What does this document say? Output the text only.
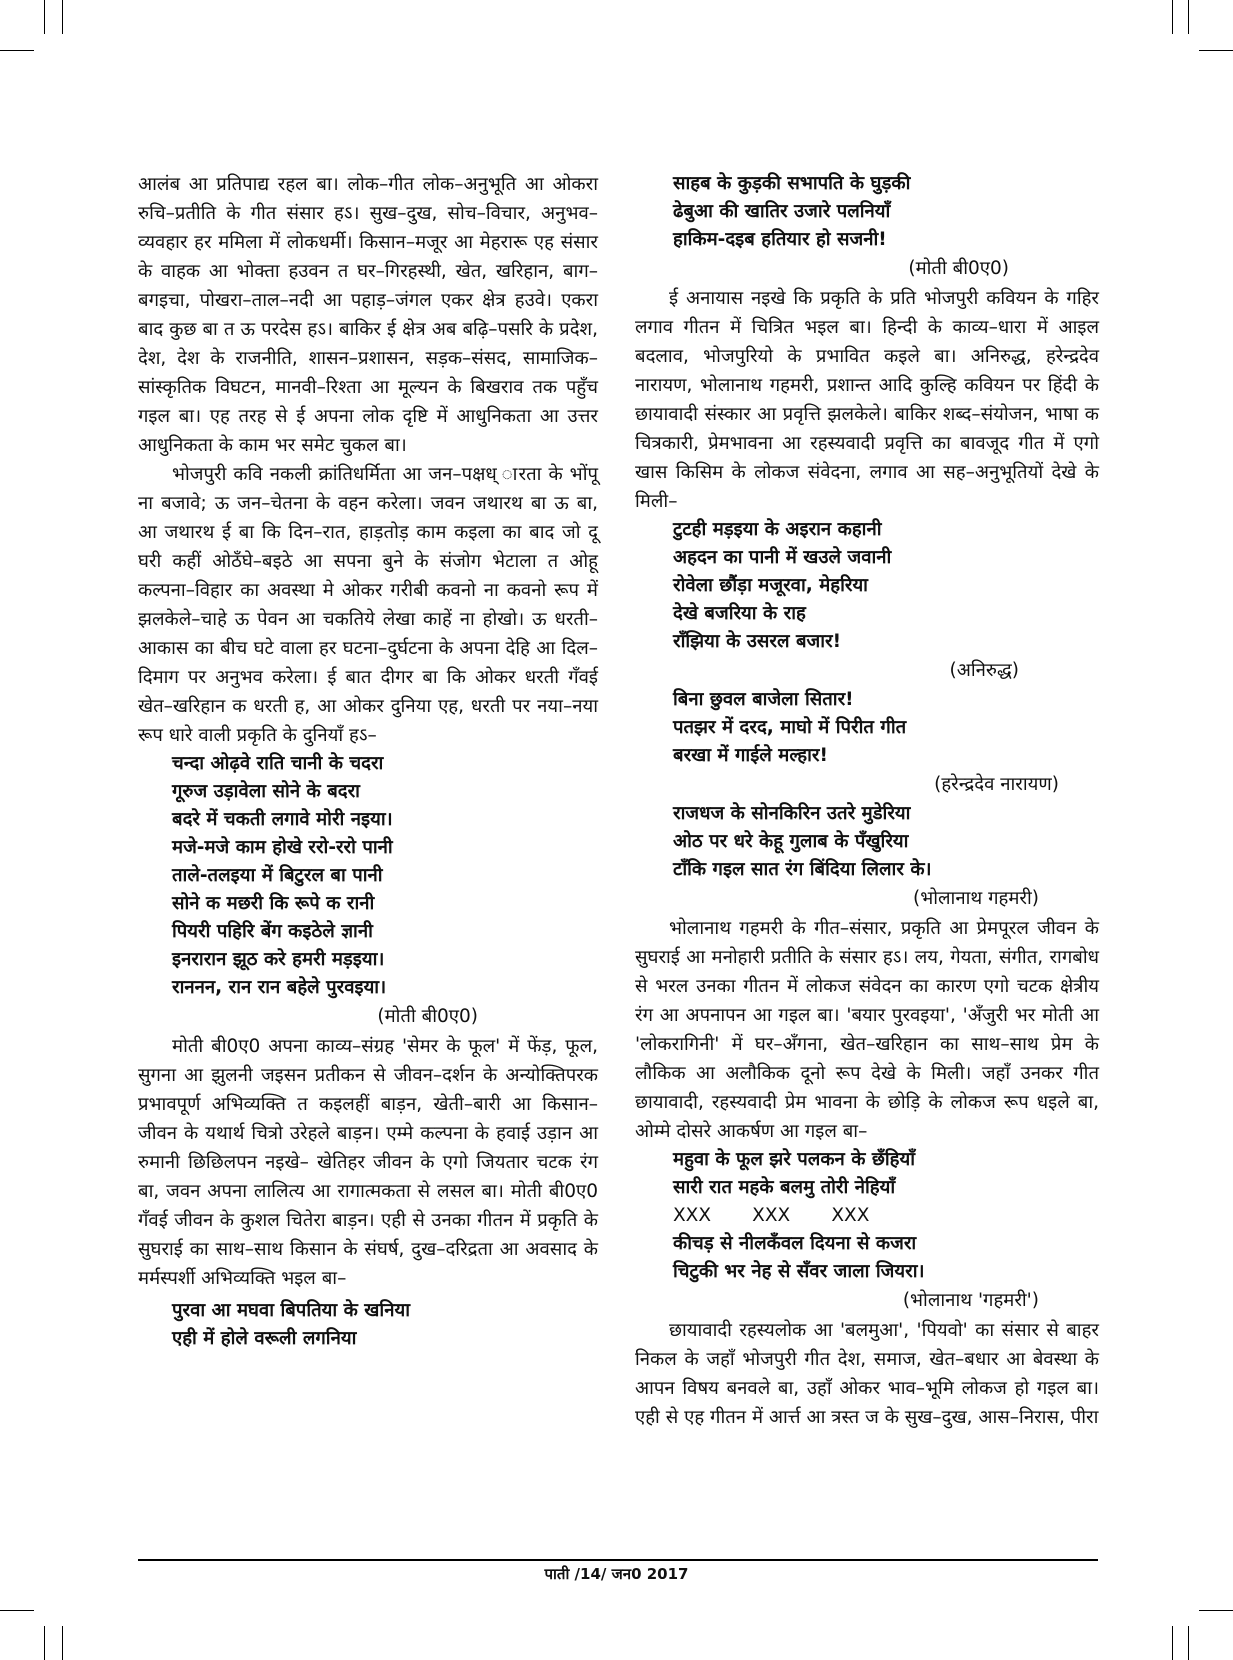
आलंब आ प्रतिपाद्य रहल बा। लोक–गीत लोक–अनुभूति आ ओकरा रुचि–प्रतीति के गीत संसार हऽ। सुख–दुख, सोच–विचार, अनुभव–व्यवहार हर ममिला में लोकधर्मी। किसान–मजूर आ मेहरारू एह संसार के वाहक आ भोक्ता हउवन त घर–गिरहस्थी, खेत, खरिहान, बाग–बगइचा, पोखरा–ताल–नदी आ पहाड़–जंगल एकर क्षेत्र हउवे। एकरा बाद कुछ बा त ऊ परदेस हऽ। बाकिर ई क्षेत्र अब बढ़ि–पसरि के प्रदेश, देश, देश के राजनीति, शासन–प्रशासन, सड़क–संसद, सामाजिक–सांस्कृतिक विघटन, मानवी–रिश्ता आ मूल्यन के बिखराव तक पहुँच गइल बा। एह तरह से ई अपना लोक दृष्टि में आधुनिकता आ उत्तर आधुनिकता के काम भर समेट चुकल बा।

भोजपुरी कवि नकली क्रांतिधर्मिता आ जन–पक्षध् ारता के भोंपू ना बजावे; ऊ जन–चेतना के वहन करेला। जवन जथारथ बा ऊ बा, आ जथारथ ई बा कि दिन–रात, हाड़तोड़ काम कइला का बाद जो दू घरी कहीं ओठँघे–बइठे आ सपना बुने के संजोग भेटाला त ओहू कल्पना–विहार का अवस्था मे ओकर गरीबी कवनो ना कवनो रूप में झलकेले–चाहे ऊ पेवन आ चकतिये लेखा काहें ना होखो। ऊ धरती–आकास का बीच घटे वाला हर घटना–दुर्घटना के अपना देहि आ दिल–दिमाग पर अनुभव करेला। ई बात दीगर बा कि ओकर धरती गँवई खेत–खरिहान क धरती ह, आ ओकर दुनिया एह, धरती पर नया–नया रूप धारे वाली प्रकृति के दुनियाँ हऽ–

चन्दा ओढ़वे राति चानी के चदरा
गूरुज उड़ावेला सोने के बदरा
बदरे में चकती लगावे मोरी नइया।
मजे-मजे काम होखे ररो-ररो पानी
ताले-तलइया में बिटुरल बा पानी
सोने क मछरी कि रूपे क रानी
पियरी पहिरि बेंग कइठेले ज्ञानी
इनरारान झूठ करे हमरी मड़इया।
राननन, रान रान बहेले पुरवइया।

(मोती बी0ए0)

मोती बी0ए0 अपना काव्य–संग्रह 'सेमर के फूल' में फेंड़, फूल, सुगना आ झुलनी जइसन प्रतीकन से जीवन–दर्शन के अन्योक्तिपरक प्रभावपूर्ण अभिव्यक्ति त कइलहीं बाड़न, खेती–बारी आ किसान–जीवन के यथार्थ चित्रो उरेहले बाड़न। एम्मे कल्पना के हवाई उड़ान आ रुमानी छिछिलपन नइखे– खेतिहर जीवन के एगो जियतार चटक रंग बा, जवन अपना लालित्य आ रागात्मकता से लसल बा। मोती बी0ए0 गँवई जीवन के कुशल चितेरा बाड़न। एही से उनका गीतन में प्रकृति के सुघराई का साथ–साथ किसान के संघर्ष, दुख–दरिद्रता आ अवसाद के मर्मस्पर्शी अभिव्यक्ति भइल बा–

पुरवा आ मघवा बिपतिया के खनिया
एही में होले वरूली लगनिया
साहब के कुड़की सभापति के घुड़की
ढेबुआ की खातिर उजारे पलनियाँ
हाकिम-दइब हतियार हो सजनी!

(मोती बी0ए0)

ई अनायास नइखे कि प्रकृति के प्रति भोजपुरी कवियन के गहिर लगाव गीतन में चित्रित भइल बा। हिन्दी के काव्य–धारा में आइल बदलाव, भोजपुरियो के प्रभावित कइले बा। अनिरुद्ध, हरेन्द्रदेव नारायण, भोलानाथ गहमरी, प्रशान्त आदि कुल्हि कवियन पर हिंदी के छायावादी संस्कार आ प्रवृत्ति झलकेले। बाकिर शब्द–संयोजन, भाषा क चित्रकारी, प्रेमभावना आ रहस्यवादी प्रवृत्ति का बावजूद गीत में एगो खास किसिम के लोकज संवेदना, लगाव आ सह–अनुभूतियों देखे के मिली–

टुटही मड़इया के अइरान कहानी
अहदन का पानी में खउले जवानी
रोवेला छौंड़ा मजूरवा, मेहरिया
देखे बजरिया के राह
राँझिया के उसरल बजार!

(अनिरुद्ध)

बिना छुवल बाजेला सितार!
पतझर में दरद, माघो में पिरीत गीत
बरखा में गाईले मल्हार!

(हरेन्द्रदेव नारायण)

राजधज के सोनकिरिन उतरे मुडेरिया
ओठ पर धरे केहू गुलाब के पँखुरिया
टाँकि गइल सात रंग बिंदिया लिलार के।

(भोलानाथ गहमरी)

भोलानाथ गहमरी के गीत–संसार, प्रकृति आ प्रेमपूरल जीवन के सुघराई आ मनोहारी प्रतीति के संसार हऽ। लय, गेयता, संगीत, रागबोध से भरल उनका गीतन में लोकज संवेदन का कारण एगो चटक क्षेत्रीय रंग आ अपनापन आ गइल बा। 'बयार पुरवइया', 'अँजुरी भर मोती आ 'लोकरागिनी' में घर–अँगना, खेत–खरिहान का साथ–साथ प्रेम के लौकिक आ अलौकिक दूनो रूप देखे के मिली। जहाँ उनकर गीत छायावादी, रहस्यवादी प्रेम भावना के छोड़ि के लोकज रूप धइले बा, ओम्मे दोसरे आकर्षण आ गइल बा–

महुवा के फूल झरे पलकन के छँहियाँ
सारी रात महके बलमु तोरी नेहियाँ
XXX       XXX       XXX
कीचड़ से नीलकँवल दियना से कजरा
चिटुकी भर नेह से सँवर जाला जियरा।

(भोलानाथ 'गहमरी')

छायावादी रहस्यलोक आ 'बलमुआ', 'पियवो' का संसार से बाहर निकल के जहाँ भोजपुरी गीत देश, समाज, खेत–बधार आ बेवस्था के आपन विषय बनवले बा, उहाँ ओकर भाव–भूमि लोकज हो गइल बा। एही से एह गीतन में आर्त्त आ त्रस्त ज के सुख–दुख, आस–निरास, पीरा

पाती /14/ जन0 2017
